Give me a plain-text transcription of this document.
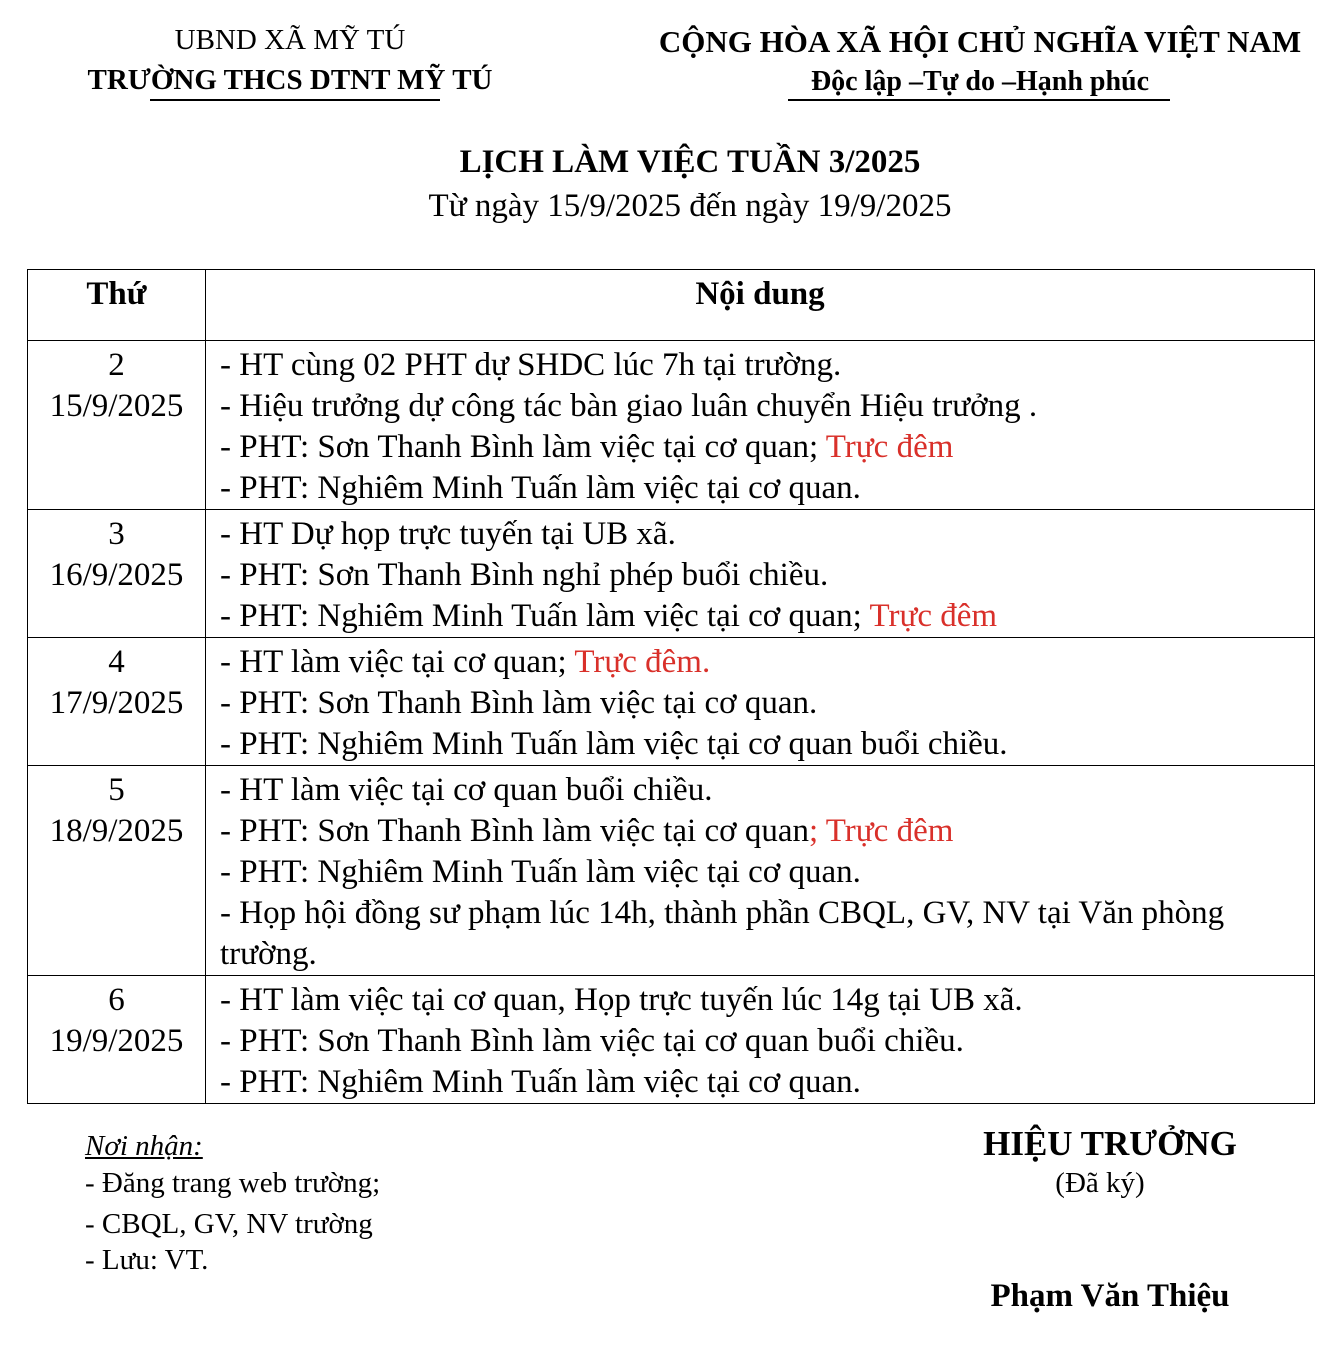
UBND XÃ MỸ TÚ
TRƯỜNG THCS DTNT MỸ TÚ
CỘNG HÒA XÃ HỘI CHỦ NGHĨA VIỆT NAM
Độc lập –Tự do –Hạnh phúc
LỊCH LÀM VIỆC TUẦN 3/2025
Từ ngày 15/9/2025 đến ngày 19/9/2025
Thứ	Nội dung

2
15/9/2025	- HT cùng 02 PHT dự SHDC lúc 7h tại trường.
- Hiệu trưởng dự công tác bàn giao luân chuyển Hiệu trưởng .
- PHT: Sơn Thanh Bình làm việc tại cơ quan; Trực đêm
- PHT: Nghiêm Minh Tuấn làm việc tại cơ quan.

3
16/9/2025	- HT Dự họp trực tuyến tại UB xã.
- PHT: Sơn Thanh Bình nghỉ phép buổi chiều.
- PHT: Nghiêm Minh Tuấn làm việc tại cơ quan; Trực đêm

4
17/9/2025	- HT làm việc tại cơ quan; Trực đêm.
- PHT: Sơn Thanh Bình làm việc tại cơ quan.
- PHT: Nghiêm Minh Tuấn làm việc tại cơ quan buổi chiều.

5
18/9/2025	- HT làm việc tại cơ quan buổi chiều.
- PHT: Sơn Thanh Bình làm việc tại cơ quan; Trực đêm
- PHT: Nghiêm Minh Tuấn làm việc tại cơ quan.
- Họp hội đồng sư phạm lúc 14h, thành phần CBQL, GV, NV tại Văn phòng trường.

6
19/9/2025	- HT làm việc tại cơ quan, Họp trực tuyến lúc 14g tại UB xã.
- PHT: Sơn Thanh Bình làm việc tại cơ quan buổi chiều.
- PHT: Nghiêm Minh Tuấn làm việc tại cơ quan.
Nơi nhận:
- Đăng trang web trường;
- CBQL, GV, NV trường
- Lưu: VT.
HIỆU TRƯỞNG
(Đã ký)
Phạm Văn Thiệu
